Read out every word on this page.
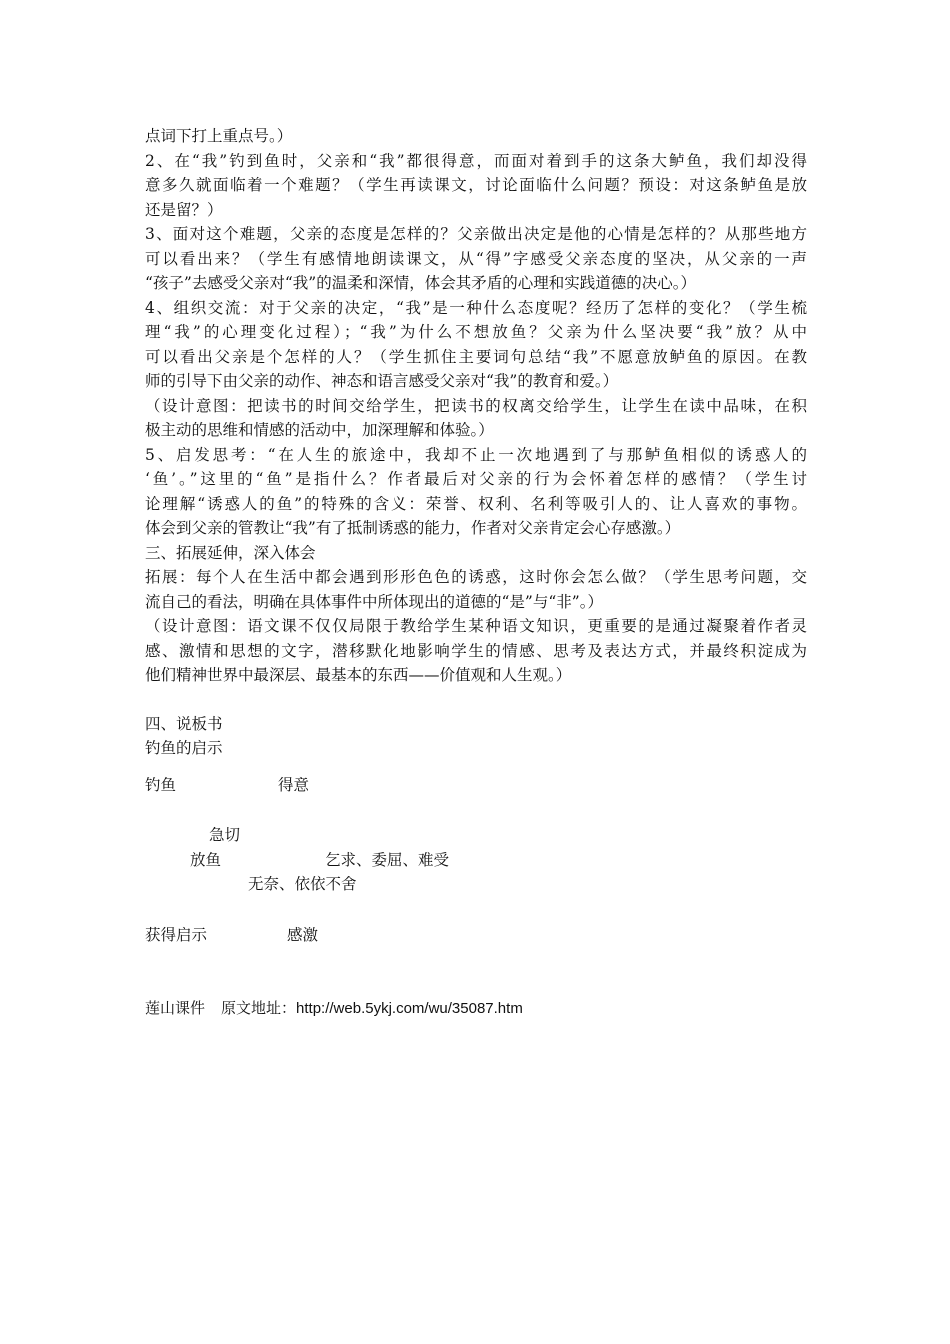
点词下打上重点号。）
2、在“我”钓到鱼时，父亲和“我”都很得意，而面对着到手的这条大鲈鱼，我们却没得
意多久就面临着一个难题？（学生再读课文，讨论面临什么问题？预设：对这条鲈鱼是放
还是留？）
3、面对这个难题，父亲的态度是怎样的？父亲做出决定是他的心情是怎样的？从那些地方
可以看出来？（学生有感情地朗读课文，从“得”字感受父亲态度的坚决，从父亲的一声
“孩子”去感受父亲对“我”的温柔和深情，体会其矛盾的心理和实践道德的决心。）
4、组织交流：对于父亲的决定，“我”是一种什么态度呢？经历了怎样的变化？（学生梳
理“我”的心理变化过程）；“我”为什么不想放鱼？父亲为什么坚决要“我”放？从中
可以看出父亲是个怎样的人？（学生抓住主要词句总结“我”不愿意放鲈鱼的原因。在教
师的引导下由父亲的动作、神态和语言感受父亲对“我”的教育和爱。）
（设计意图：把读书的时间交给学生，把读书的权离交给学生，让学生在读中品味，在积
极主动的思维和情感的活动中，加深理解和体验。）
5、启发思考：“在人生的旅途中，我却不止一次地遇到了与那鲈鱼相似的诱惑人的
‘鱼’。”这里的“鱼”是指什么？作者最后对父亲的行为会怀着怎样的感情？（学生讨
论理解“诱惑人的鱼”的特殊的含义：荣誉、权利、名利等吸引人的、让人喜欢的事物。
体会到父亲的管教让“我”有了抵制诱惑的能力，作者对父亲肯定会心存感激。）
三、拓展延伸，深入体会
拓展：每个人在生活中都会遇到形形色色的诱惑，这时你会怎么做？（学生思考问题，交
流自己的看法，明确在具体事件中所体现出的道德的“是”与“非”。）
（设计意图：语文课不仅仅局限于教给学生某种语文知识，更重要的是通过凝聚着作者灵
感、激情和思想的文字，潜移默化地影响学生的情感、思考及表达方式，并最终积淀成为
他们精神世界中最深层、最基本的东西——价值观和人生观。）
四、说板书
钓鱼的启示
钓鱼	得意
急切
放鱼	乞求、委屈、难受
无奈、依依不舍
获得启示	感激
莲山课件 原文地址：http://web.5ykj.com/wu/35087.htm
